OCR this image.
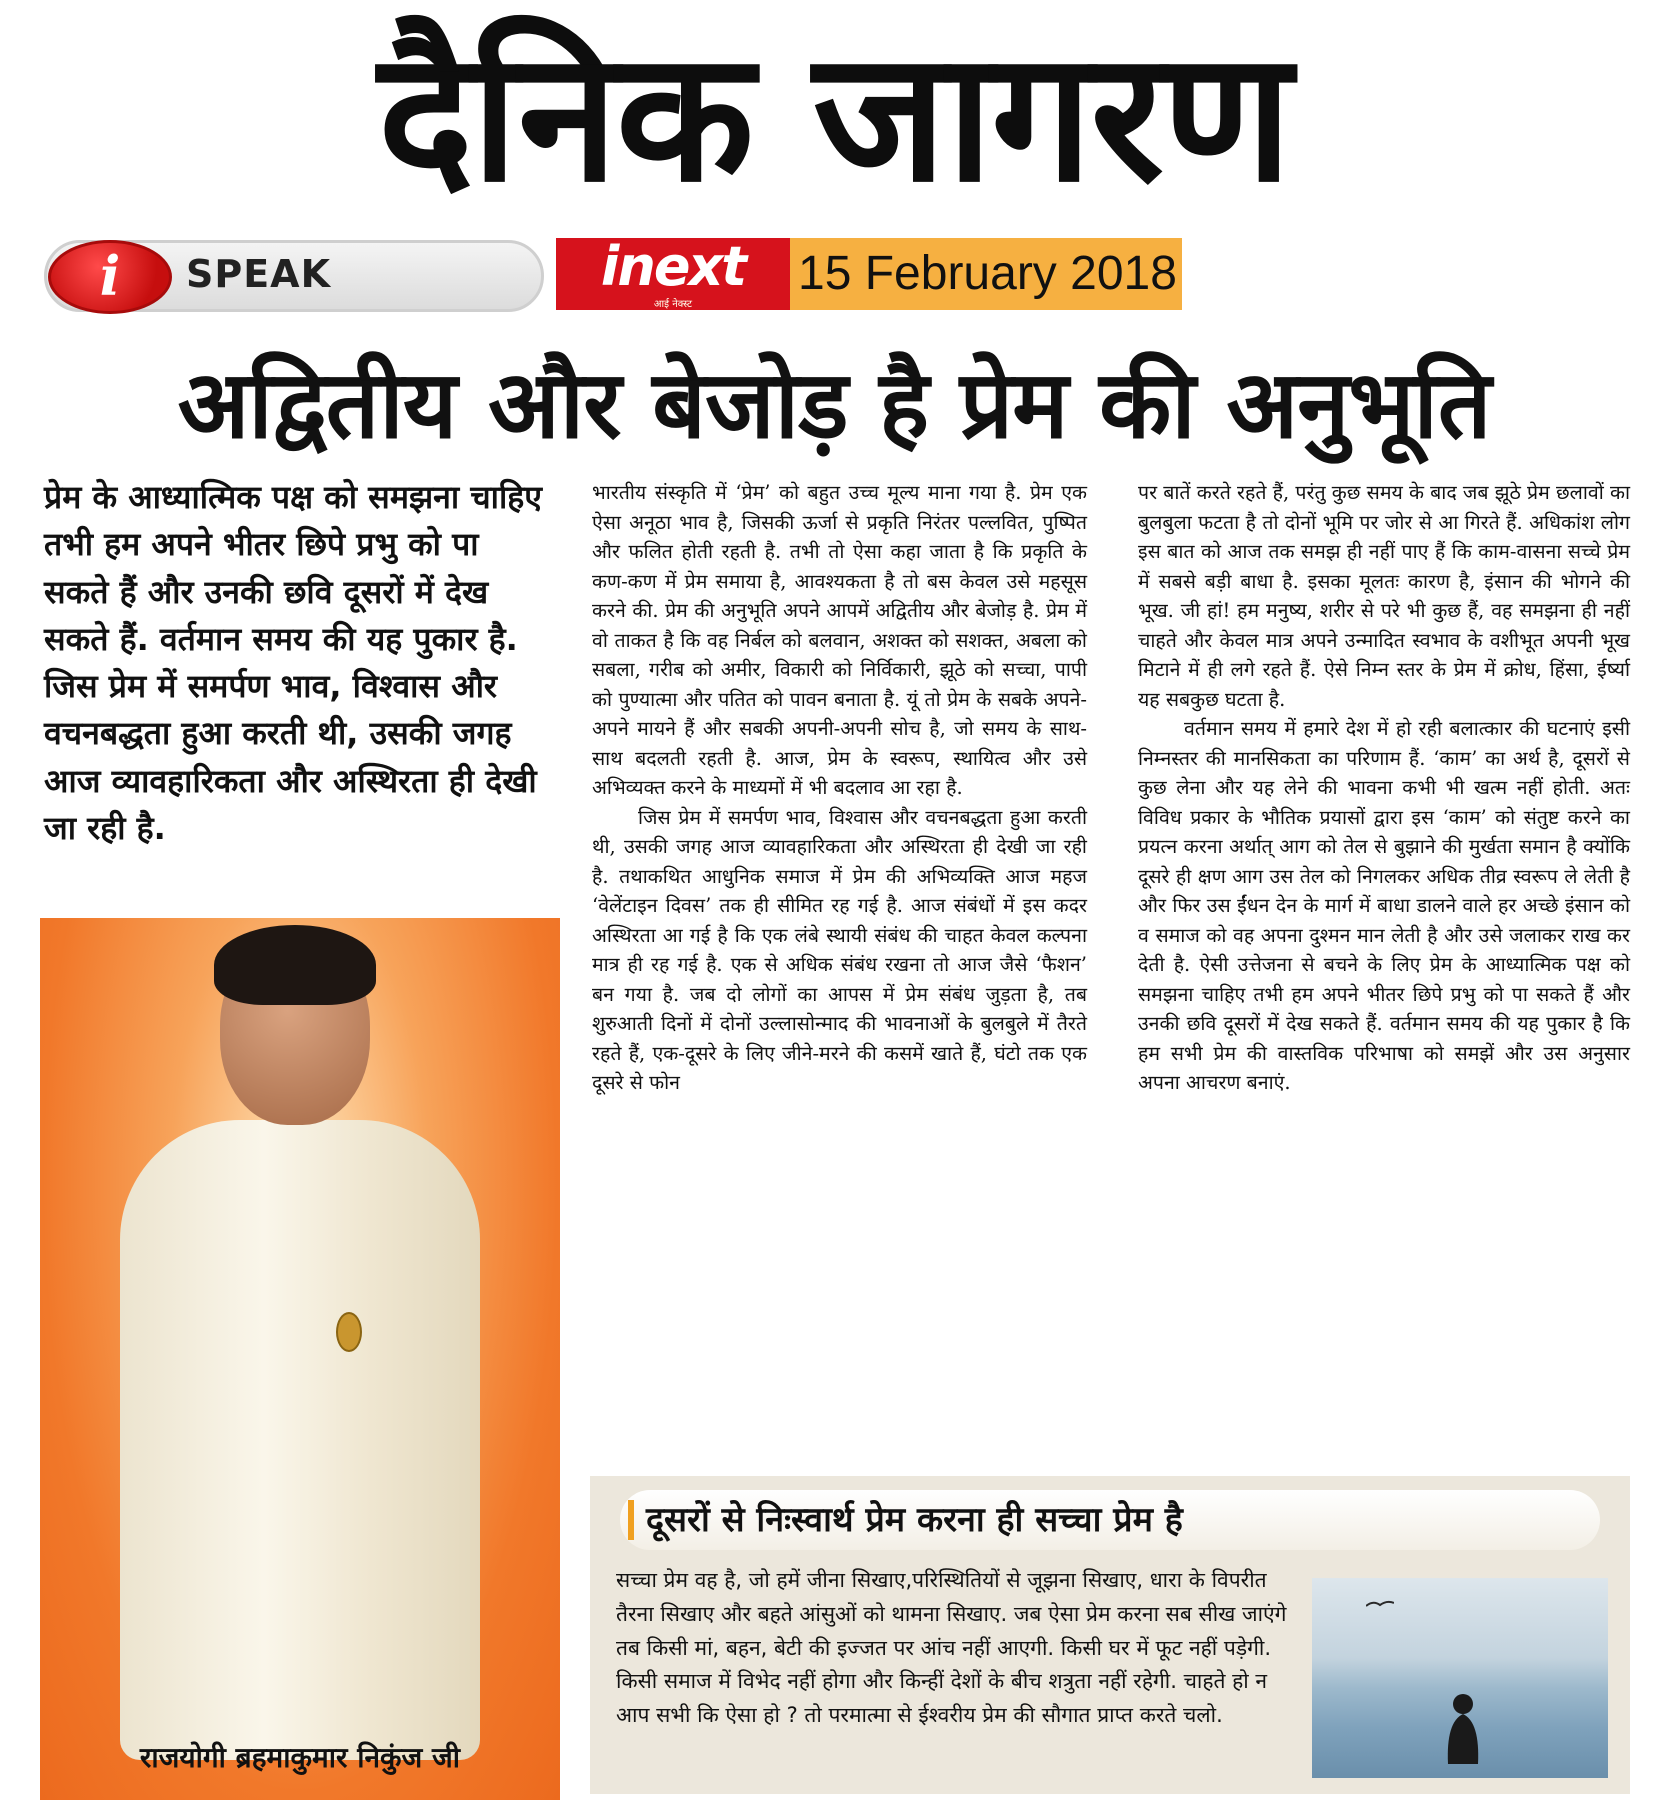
दैनिक जागरण
i	SPEAK	inext
आई नेक्स्ट
15 February 2018
अद्वितीय और बेजोड़ है प्रेम की अनुभूति
प्रेम के आध्यात्मिक पक्ष को समझना चाहिए तभी हम अपने भीतर छिपे प्रभु को पा सकते हैं और उनकी छवि दूसरों में देख सकते हैं. वर्तमान समय की यह पुकार है. जिस प्रेम में समर्पण भाव, विश्वास और वचनबद्धता हुआ करती थी, उसकी जगह आज व्यावहारिकता और अस्थिरता ही देखी जा रही है.
राजयोगी ब्रहमाकुमार निकुंज जी

भारतीय संस्कृति में ‘प्रेम’ को बहुत उच्च मूल्य माना गया है. प्रेम एक ऐसा अनूठा भाव है, जिसकी ऊर्जा से प्रकृति निरंतर पल्लवित, पुष्पित और फलित होती रहती है. तभी तो ऐसा कहा जाता है कि प्रकृति के कण-कण में प्रेम समाया है, आवश्यकता है तो बस केवल उसे महसूस करने की. प्रेम की अनुभूति अपने आपमें अद्वितीय और बेजोड़ है. प्रेम में वो ताकत है कि वह निर्बल को बलवान, अशक्त को सशक्त, अबला को सबला, गरीब को अमीर, विकारी को निर्विकारी, झूठे को सच्चा, पापी को पुण्यात्मा और पतित को पावन बनाता है. यूं तो प्रेम के सबके अपने-अपने मायने हैं और सबकी अपनी-अपनी सोच है, जो समय के साथ-साथ बदलती रहती है. आज, प्रेम के स्वरूप, स्थायित्व और उसे अभिव्यक्त करने के माध्यमों में भी बदलाव आ रहा है.

जिस प्रेम में समर्पण भाव, विश्वास और वचनबद्धता हुआ करती थी, उसकी जगह आज व्यावहारिकता और अस्थिरता ही देखी जा रही है. तथाकथित आधुनिक समाज में प्रेम की अभिव्यक्ति आज महज ‘वेलेंटाइन दिवस’ तक ही सीमित रह गई है. आज संबंधों में इस कदर अस्थिरता आ गई है कि एक लंबे स्थायी संबंध की चाहत केवल कल्पना मात्र ही रह गई है. एक से अधिक संबंध रखना तो आज जैसे ‘फैशन’ बन गया है. जब दो लोगों का आपस में प्रेम संबंध जुड़ता है, तब शुरुआती दिनों में दोनों उल्लासोन्माद की भावनाओं के बुलबुले में तैरते रहते हैं, एक-दूसरे के लिए जीने-मरने की कसमें खाते हैं, घंटो तक एक दूसरे से फोन

पर बातें करते रहते हैं, परंतु कुछ समय के बाद जब झूठे प्रेम छलावों का बुलबुला फटता है तो दोनों भूमि पर जोर से आ गिरते हैं. अधिकांश लोग इस बात को आज तक समझ ही नहीं पाए हैं कि काम-वासना सच्चे प्रेम में सबसे बड़ी बाधा है. इसका मूलतः कारण है, इंसान की भोगने की भूख. जी हां! हम मनुष्य, शरीर से परे भी कुछ हैं, वह समझना ही नहीं चाहते और केवल मात्र अपने उन्मादित स्वभाव के वशीभूत अपनी भूख मिटाने में ही लगे रहते हैं. ऐसे निम्न स्तर के प्रेम में क्रोध, हिंसा, ईर्ष्या यह सबकुछ घटता है.

वर्तमान समय में हमारे देश में हो रही बलात्कार की घटनाएं इसी निम्नस्तर की मानसिकता का परिणाम हैं. ‘काम’ का अर्थ है, दूसरों से कुछ लेना और यह लेने की भावना कभी भी खत्म नहीं होती. अतः विविध प्रकार के भौतिक प्रयासों द्वारा इस ‘काम’ को संतुष्ट करने का प्रयत्न करना अर्थात् आग को तेल से बुझाने की मुर्खता समान है क्योंकि दूसरे ही क्षण आग उस तेल को निगलकर अधिक तीव्र स्वरूप ले लेती है और फिर उस ईंधन देन के मार्ग में बाधा डालने वाले हर अच्छे इंसान को व समाज को वह अपना दुश्मन मान लेती है और उसे जलाकर राख कर देती है. ऐसी उत्तेजना से बचने के लिए प्रेम के आध्यात्मिक पक्ष को समझना चाहिए तभी हम अपने भीतर छिपे प्रभु को पा सकते हैं और उनकी छवि दूसरों में देख सकते हैं. वर्तमान समय की यह पुकार है कि हम सभी प्रेम की वास्तविक परिभाषा को समझें और उस अनुसार अपना आचरण बनाएं.

दूसरों से निःस्वार्थ प्रेम करना ही सच्चा प्रेम है
सच्चा प्रेम वह है, जो हमें जीना सिखाए,परिस्थितियों से जूझना सिखाए, धारा के विपरीत तैरना सिखाए और बहते आंसुओं को थामना सिखाए. जब ऐसा प्रेम करना सब सीख जाएंगे तब किसी मां, बहन, बेटी की इज्जत पर आंच नहीं आएगी. किसी घर में फूट नहीं पड़ेगी. किसी समाज में विभेद नहीं होगा और किन्हीं देशों के बीच शत्रुता नहीं रहेगी. चाहते हो न आप सभी कि ऐसा हो ? तो परमात्मा से ईश्वरीय प्रेम की सौगात प्राप्त करते चलो.
